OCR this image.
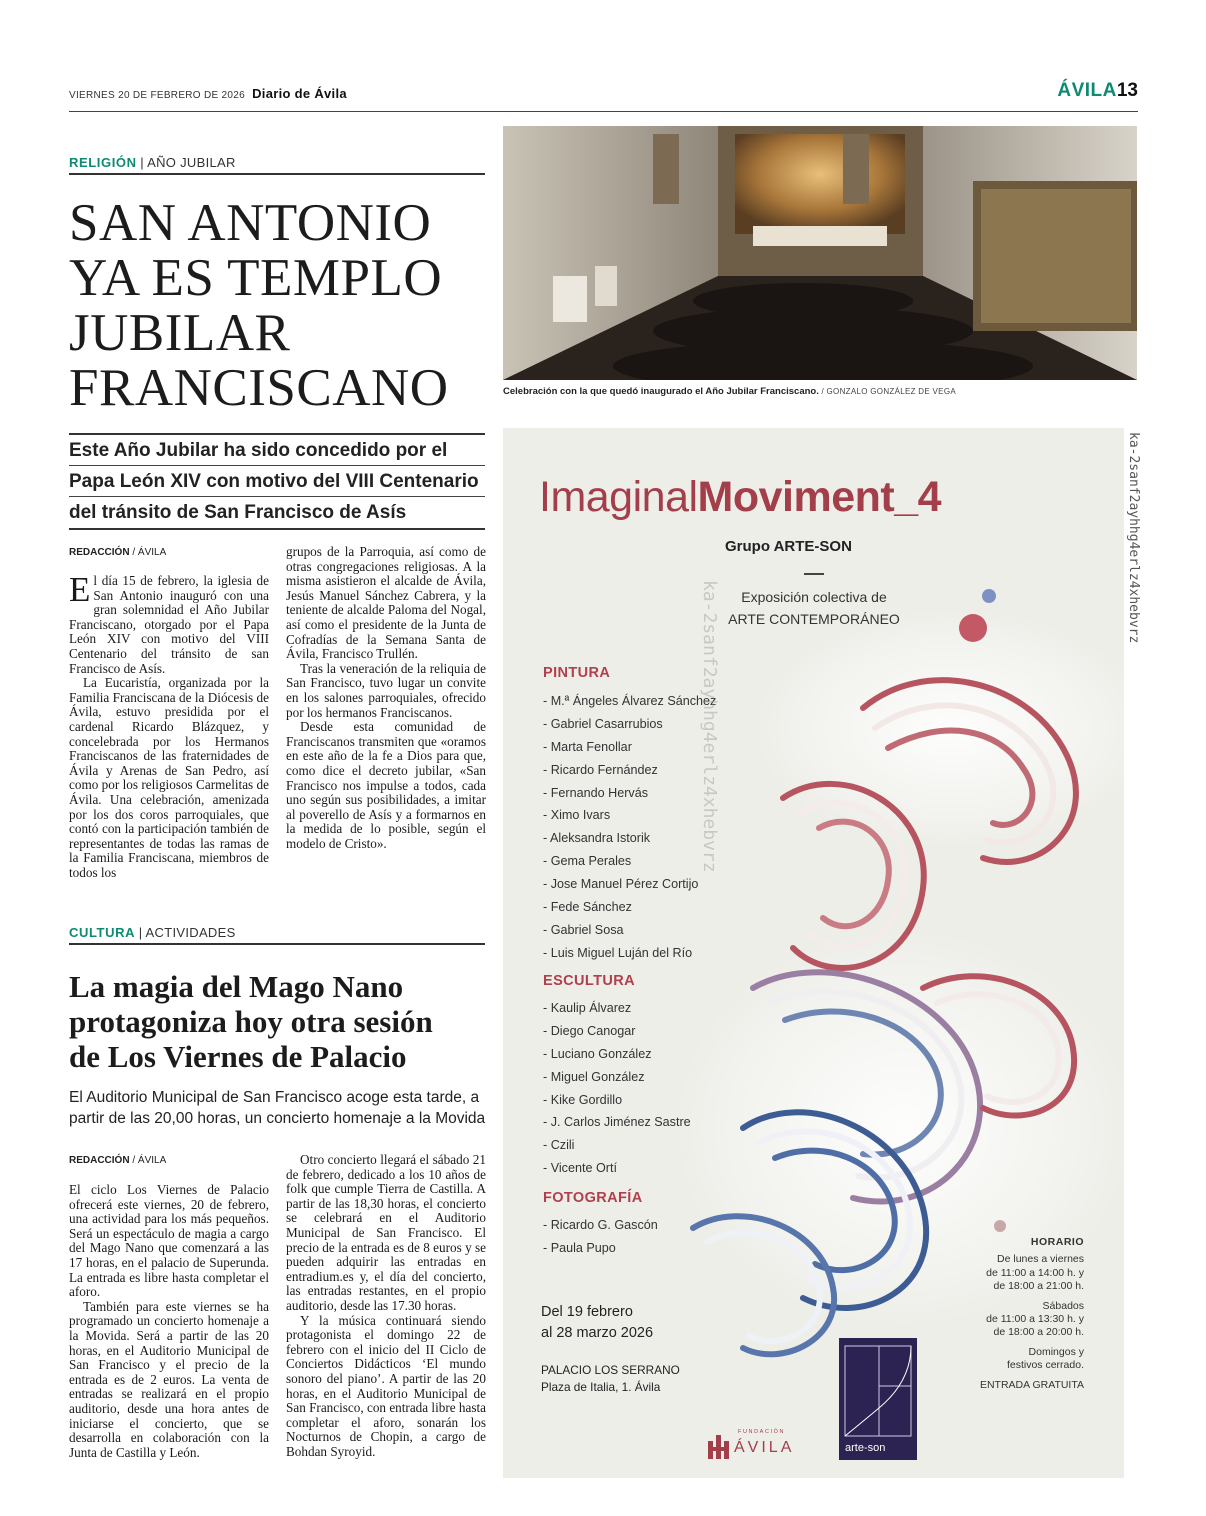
VIERNES 20 DE FEBRERO DE 2026 Diario de Ávila	ÁVILA13
RELIGIÓN | AÑO JUBILAR
SAN ANTONIO
YA ES TEMPLO
JUBILAR
FRANCISCANO
Este Año Jubilar ha sido concedido por el
Papa León XIV con motivo del VIII Centenario
del tránsito de San Francisco de Asís
REDACCIÓN / ÁVILA

El día 15 de febrero, la iglesia de San Antonio inauguró con una gran solemnidad el Año Jubilar Franciscano, otorgado por el Papa León XIV con motivo del VIII Centenario del tránsito de san Francisco de Asís.

La Eucaristía, organizada por la Familia Franciscana de la Diócesis de Ávila, estuvo presidida por el cardenal Ricardo Blázquez, y concelebrada por los Hermanos Franciscanos de las fraternidades de Ávila y Arenas de San Pedro, así como por los religiosos Carmelitas de Ávila. Una celebración, amenizada por los dos coros parroquiales, que contó con la participación también de representantes de todas las ramas de la Familia Franciscana, miembros de todos los

grupos de la Parroquia, así como de otras congregaciones religiosas. A la misma asistieron el alcalde de Ávila, Jesús Manuel Sánchez Cabrera, y la teniente de alcalde Paloma del Nogal, así como el presidente de la Junta de Cofradías de la Semana Santa de Ávila, Francisco Trullén.

Tras la veneración de la reliquia de San Francisco, tuvo lugar un convite en los salones parroquiales, ofrecido por los hermanos Franciscanos.

Desde esta comunidad de Franciscanos transmiten que «oramos en este año de la fe a Dios para que, como dice el decreto jubilar, «San Francisco nos impulse a todos, cada uno según sus posibilidades, a imitar al poverello de Asís y a formarnos en la medida de lo posible, según el modelo de Cristo».

CULTURA | ACTIVIDADES
La magia del Mago Nano
protagoniza hoy otra sesión
de Los Viernes de Palacio
El Auditorio Municipal de San Francisco acoge esta tarde, a
partir de las 20,00 horas, un concierto homenaje a la Movida
REDACCIÓN / ÁVILA

El ciclo Los Viernes de Palacio ofrecerá este viernes, 20 de febrero, una actividad para los más pequeños. Será un espectáculo de magia a cargo del Mago Nano que comenzará a las 17 horas, en el palacio de Superunda. La entrada es libre hasta completar el aforo.

También para este viernes se ha programado un concierto homenaje a la Movida. Será a partir de las 20 horas, en el Auditorio Municipal de San Francisco y el precio de la entrada es de 2 euros. La venta de entradas se realizará en el propio auditorio, desde una hora antes de iniciarse el concierto, que se desarrolla en colaboración con la Junta de Castilla y León.

Otro concierto llegará el sábado 21 de febrero, dedicado a los 10 años de folk que cumple Tierra de Castilla. A partir de las 18,30 horas, el concierto se celebrará en el Auditorio Municipal de San Francisco. El precio de la entrada es de 8 euros y se pueden adquirir las entradas en entradium.es y, el día del concierto, las entradas restantes, en el propio auditorio, desde las 17.30 horas.

Y la música continuará siendo protagonista el domingo 22 de febrero con el inicio del II Ciclo de Conciertos Didácticos ‘El mundo sonoro del piano’. A partir de las 20 horas, en el Auditorio Municipal de San Francisco, con entrada libre hasta completar el aforo, sonarán los Nocturnos de Chopin, a cargo de Bohdan Syroyid.

Celebración con la que quedó inaugurado el Año Jubilar Franciscano. / GONZALO GONZÁLEZ DE VEGA
ImaginalMoviment_4
Grupo ARTE-SON
Exposición colectiva de
ARTE CONTEMPORÁNEO
PINTURA
- M.ª Ángeles Álvarez Sánchez
- Gabriel Casarrubios
- Marta Fenollar
- Ricardo Fernández
- Fernando Hervás
- Ximo Ivars
- Aleksandra Istorik
- Gema Perales
- Jose Manuel Pérez Cortijo
- Fede Sánchez
- Gabriel Sosa
- Luis Miguel Luján del Río
ESCULTURA
- Kaulip Álvarez
- Diego Canogar
- Luciano González
- Miguel González
- Kike Gordillo
- J. Carlos Jiménez Sastre
- Czili
- Vicente Ortí
FOTOGRAFÍA
- Ricardo G. Gascón
- Paula Pupo	HORARIO
De lunes a viernes
de 11:00 a 14:00 h. y
de 18:00 a 21:00 h.
Sábados
de 11:00 a 13:30 h. y
de 18:00 a 20:00 h.
Domingos y
festivos cerrado.
ENTRADA GRATUITA
Del 19 febrero
al 28 marzo 2026
PALACIO LOS SERRANO
Plaza de Italia, 1. Ávila
FUNDACIÓN
ÁVILA	arte-son
ka-2sanf2ayhhg4erlz4xhebvrz
ka-2sanf2ayhhg4erlz4xhebvrz
